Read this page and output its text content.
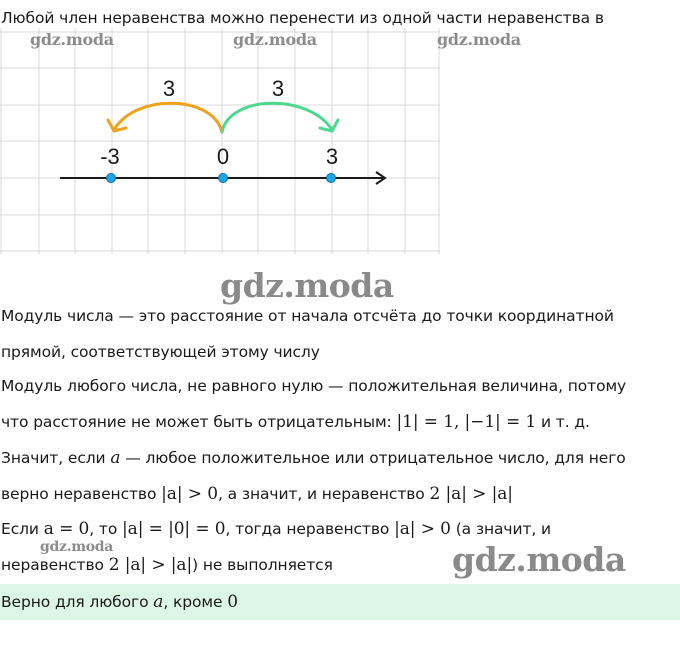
Любой член неравенства можно перенести из одной части неравенства в
3	3
-3	0	3
gdz.moda	gdz.moda	gdz.moda
gdz.moda
Модуль числа — это расстояние от начала отсчёта до точки координатной
прямой, соответствующей этому числу
Модуль любого числа, не равного нулю — положительная величина, потому
что расстояние не может быть отрицательным: |1| = 1, |−1| = 1 и т. д.
Значит, если a — любое положительное или отрицательное число, для него
верно неравенство |a| > 0, а значит, и неравенство 2 |a| > |a|
Если a = 0, то |a| = |0| = 0, тогда неравенство |a| > 0 (а значит, и
gdz.moda
неравенство 2 |a| > |a|) не выполняется	gdz.moda
Верно для любого a, кроме 0
